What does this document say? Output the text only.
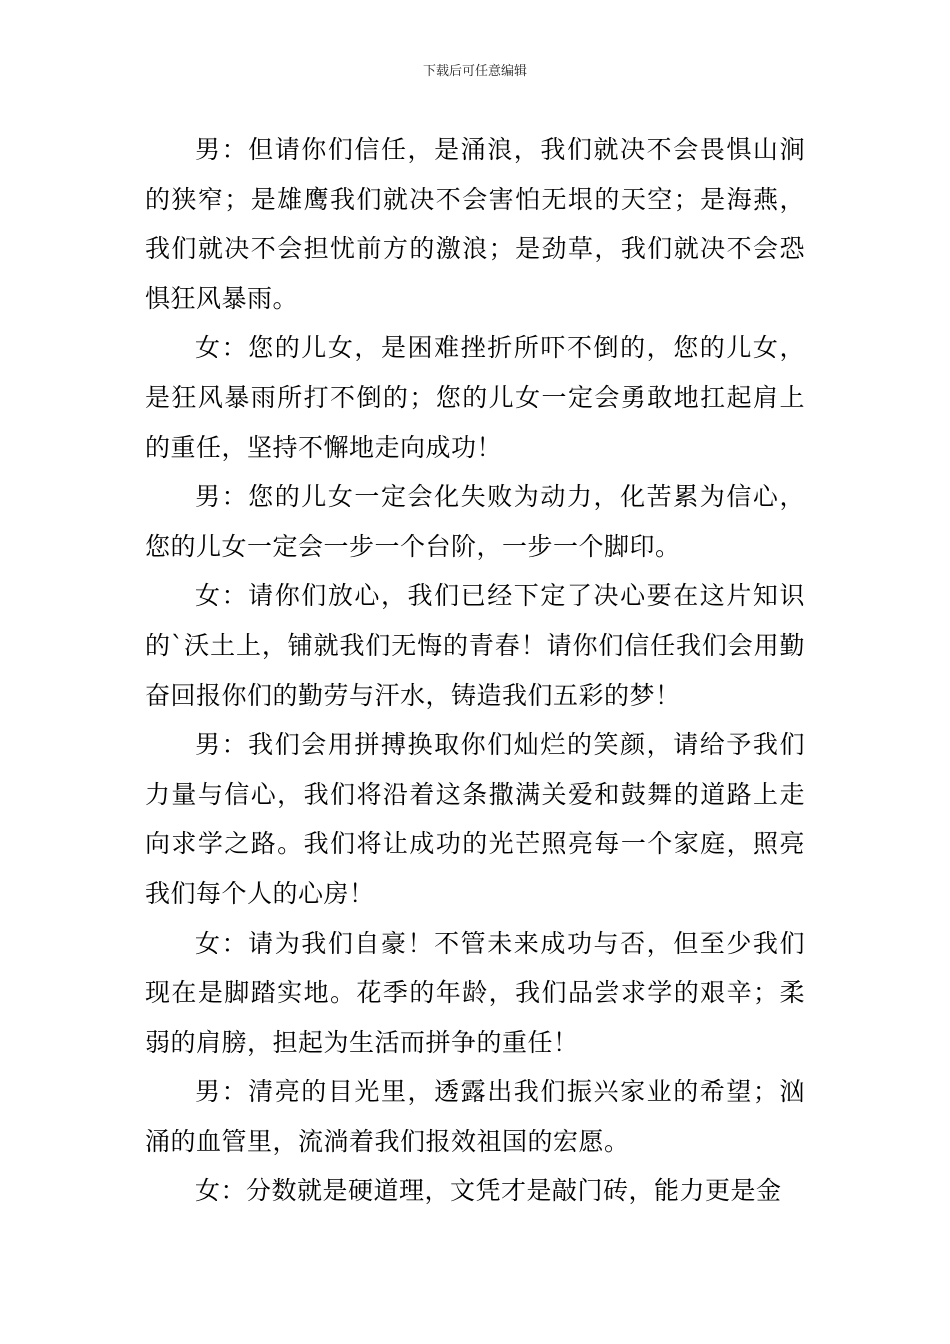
下载后可任意编辑

男：但请你们信任，是涌浪，我们就决不会畏惧山涧的狭窄；是雄鹰我们就决不会害怕无垠的天空；是海燕，我们就决不会担忧前方的激浪；是劲草，我们就决不会恐惧狂风暴雨。

女：您的儿女，是困难挫折所吓不倒的，您的儿女，是狂风暴雨所打不倒的；您的儿女一定会勇敢地扛起肩上的重任，坚持不懈地走向成功！

男：您的儿女一定会化失败为动力，化苦累为信心，您的儿女一定会一步一个台阶，一步一个脚印。

女：请你们放心，我们已经下定了决心要在这片知识的`沃土上，铺就我们无悔的青春！请你们信任我们会用勤奋回报你们的勤劳与汗水，铸造我们五彩的梦！

男：我们会用拼搏换取你们灿烂的笑颜，请给予我们力量与信心，我们将沿着这条撒满关爱和鼓舞的道路上走向求学之路。我们将让成功的光芒照亮每一个家庭，照亮我们每个人的心房！

女：请为我们自豪！不管未来成功与否，但至少我们现在是脚踏实地。花季的年龄，我们品尝求学的艰辛；柔弱的肩膀，担起为生活而拼争的重任！

男：清亮的目光里，透露出我们振兴家业的希望；汹涌的血管里，流淌着我们报效祖国的宏愿。

女：分数就是硬道理，文凭才是敲门砖，能力更是金
